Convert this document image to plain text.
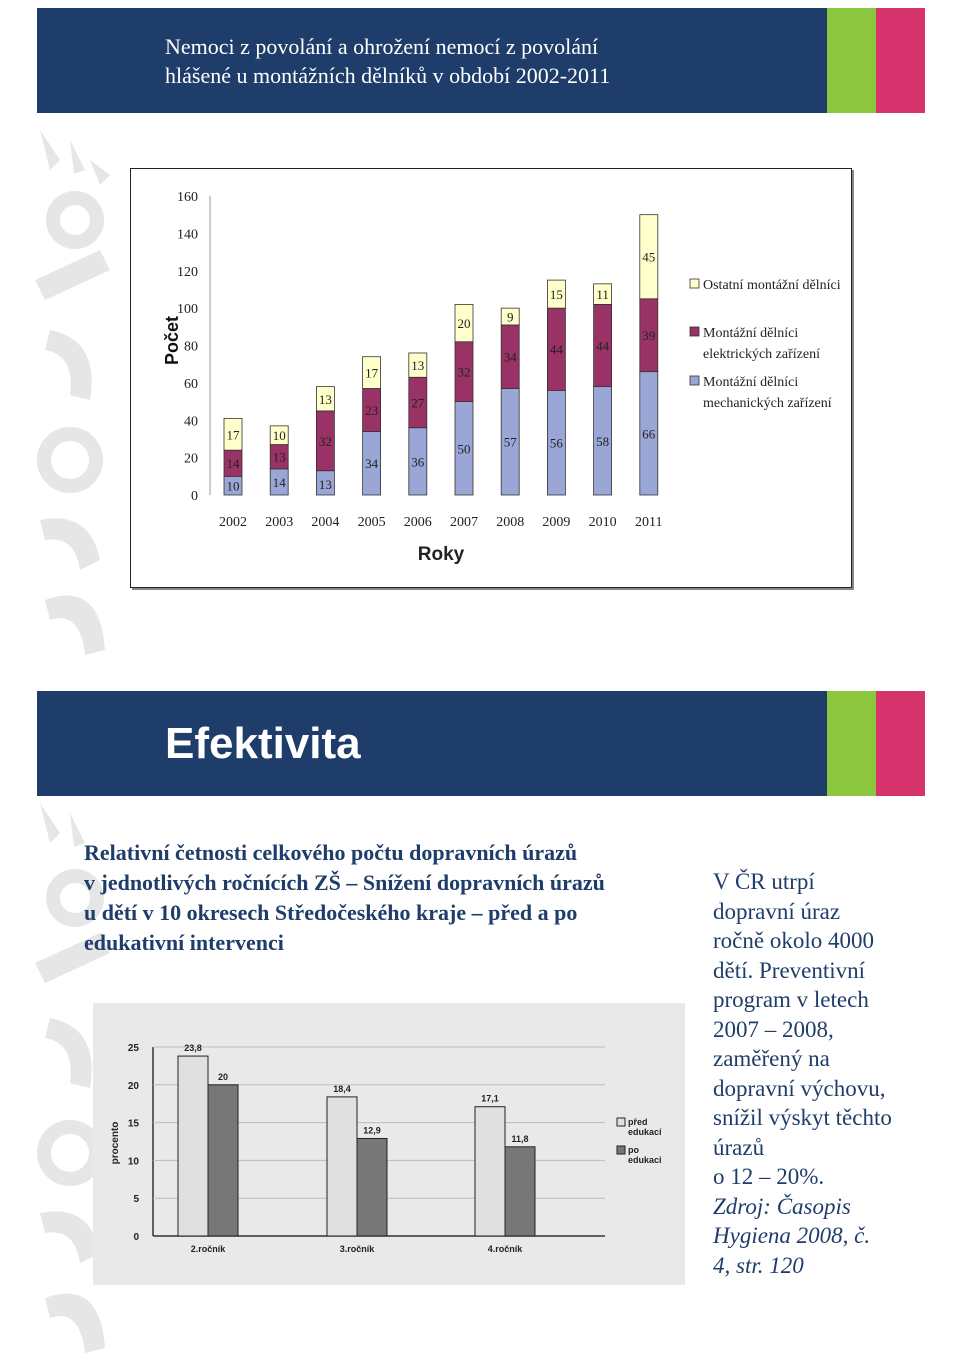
Nemoci z povolání a ohrožení nemocí z povolání
hlášené u montážních dělníků v období 2002-2011
Počet
0
20
40
60
80
100
120
140
160
10
14
17
2002
14
13
10
2003
13
32
13
2004
34
23
17
2005
36
27
13
2006
50
32
20
2007
57
34
9
2008
56
44
15
2009
58
44
11
2010
66
39
45
2011
Roky
Ostatní montážní dělníci
Montážní dělníci
elektrických zařízení
Montážní dělníci
mechanických zařízení
Efektivita
Relativní četnosti celkového počtu dopravních úrazů
v jednotlivých ročnících ZŠ – Snížení dopravních úrazů
u dětí v 10 okresech Středočeského kraje – před a po
edukativní intervenci
V ČR utrpí
dopravní úraz
ročně okolo 4000
dětí. Preventivní
program v letech
2007 – 2008,
zaměřený na
dopravní výchovu,
snížil výskyt těchto
úrazů
o 12 – 20%.
Zdroj: Časopis
Hygiena 2008, č.
4, str. 120
0
5
10
15
20
25
procento
23,8
20
2.ročník
18,4
12,9
3.ročník
17,1
11,8
4.ročník
před
edukací
po
edukaci
